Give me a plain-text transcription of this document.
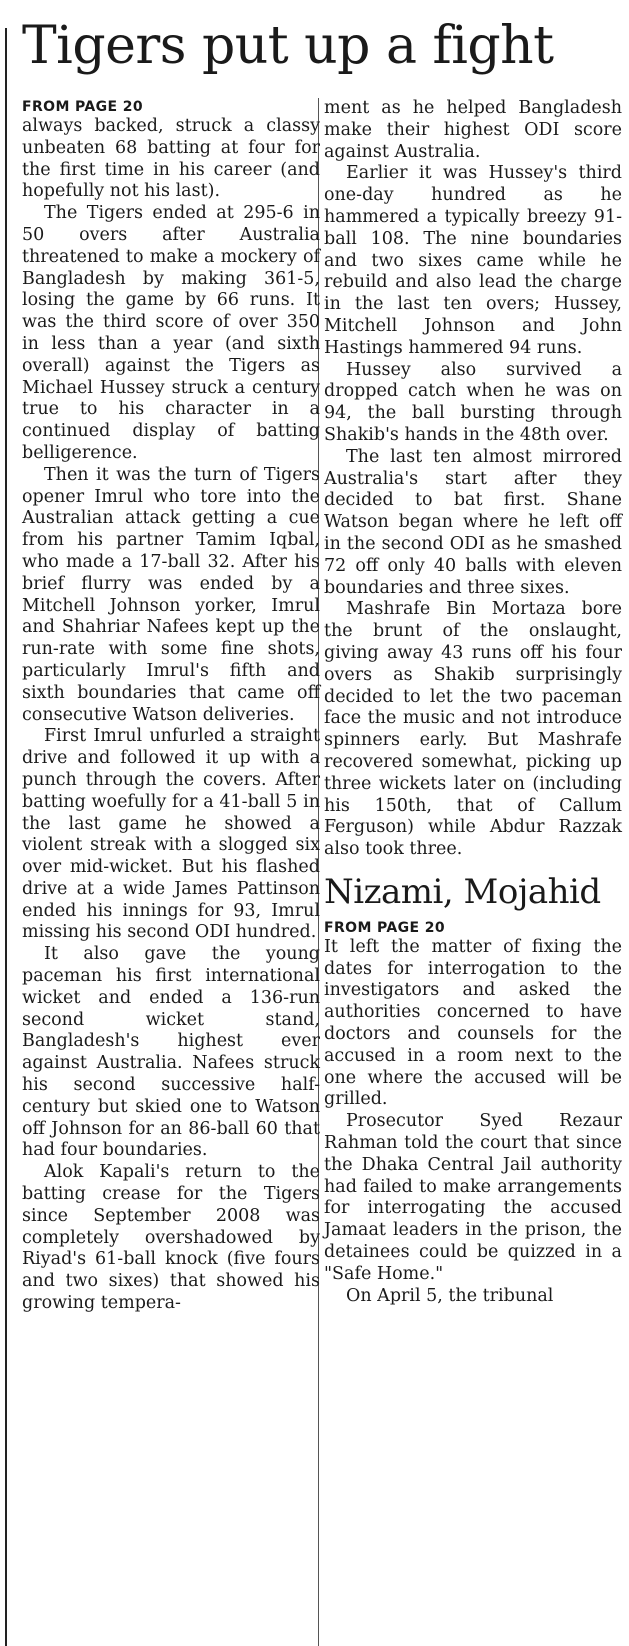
Tigers put up a fight
FROM PAGE 20

always backed, struck a classy unbeaten 68 batting at four for the first time in his career (and hopefully not his last).

The Tigers ended at 295-6 in 50 overs after Australia threatened to make a mockery of Bangladesh by making 361-5, losing the game by 66 runs. It was the third score of over 350 in less than a year (and sixth overall) against the Tigers as Michael Hussey struck a century true to his character in a continued display of batting belligerence.

Then it was the turn of Tigers opener Imrul who tore into the Australian attack getting a cue from his partner Tamim Iqbal, who made a 17-ball 32. After his brief flurry was ended by a Mitchell Johnson yorker, Imrul and Shahriar Nafees kept up the run-rate with some fine shots, particularly Imrul's fifth and sixth boundaries that came off consecutive Watson deliveries.

First Imrul unfurled a straight drive and followed it up with a punch through the covers. After batting woefully for a 41-ball 5 in the last game he showed a violent streak with a slogged six over mid-wicket. But his flashed drive at a wide James Pattinson ended his innings for 93, Imrul missing his second ODI hundred.

It also gave the young paceman his first international wicket and ended a 136-run second wicket stand, Bangladesh's highest ever against Australia. Nafees struck his second successive half-century but skied one to Watson off Johnson for an 86-ball 60 that had four boundaries.

Alok Kapali's return to the batting crease for the Tigers since September 2008 was completely overshadowed by Riyad's 61-ball knock (five fours and two sixes) that showed his growing tempera-

ment as he helped Bangladesh make their highest ODI score against Australia.

Earlier it was Hussey's third one-day hundred as he hammered a typically breezy 91-ball 108. The nine boundaries and two sixes came while he rebuild and also lead the charge in the last ten overs; Hussey, Mitchell Johnson and John Hastings hammered 94 runs.

Hussey also survived a dropped catch when he was on 94, the ball bursting through Shakib's hands in the 48th over.

The last ten almost mirrored Australia's start after they decided to bat first. Shane Watson began where he left off in the second ODI as he smashed 72 off only 40 balls with eleven boundaries and three sixes.

Mashrafe Bin Mortaza bore the brunt of the onslaught, giving away 43 runs off his four overs as Shakib surprisingly decided to let the two paceman face the music and not introduce spinners early. But Mashrafe recovered somewhat, picking up three wickets later on (including his 150th, that of Callum Ferguson) while Abdur Razzak also took three.

Nizami, Mojahid
FROM PAGE 20

It left the matter of fixing the dates for interrogation to the investigators and asked the authorities concerned to have doctors and counsels for the accused in a room next to the one where the accused will be grilled.

Prosecutor Syed Rezaur Rahman told the court that since the Dhaka Central Jail authority had failed to make arrangements for interrogating the accused Jamaat leaders in the prison, the detainees could be quizzed in a "Safe Home."

On April 5, the tribunal
